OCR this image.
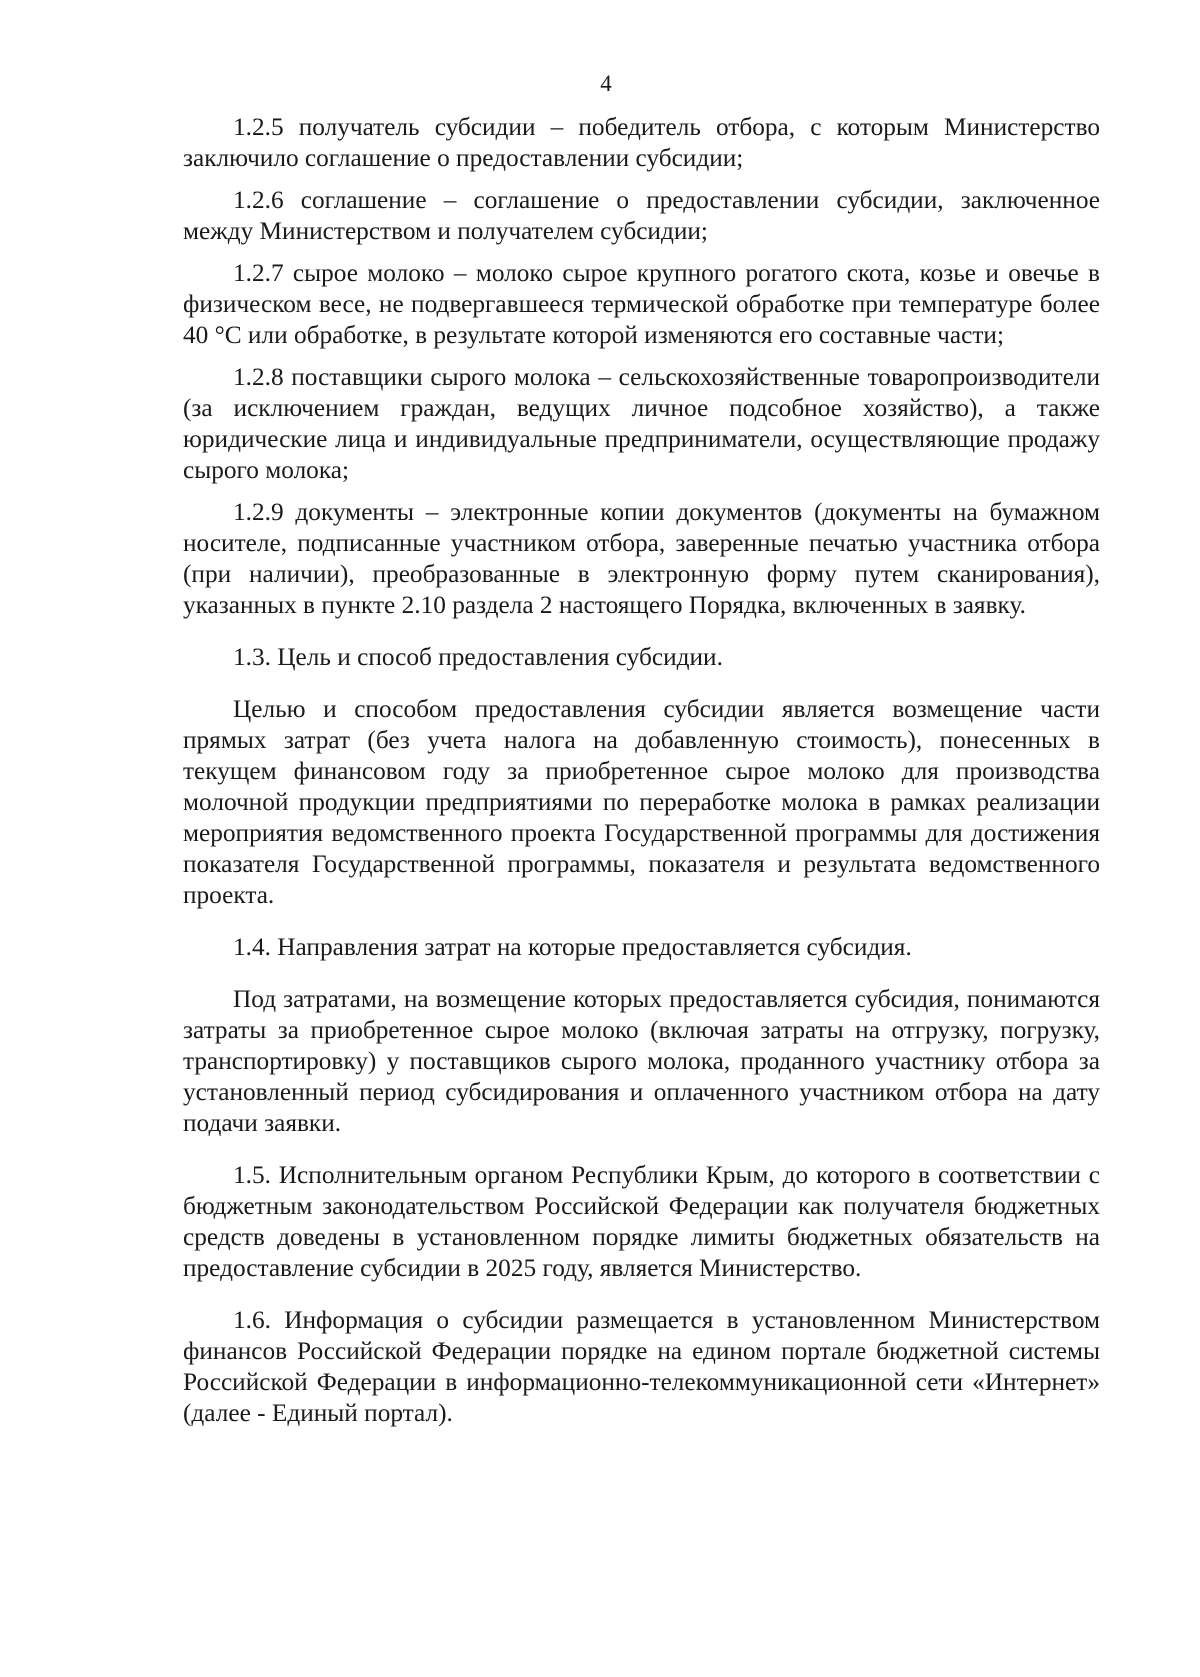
4

1.2.5 получатель субсидии – победитель отбора, с которым Министерство заключило соглашение о предоставлении субсидии;

1.2.6 соглашение – соглашение о предоставлении субсидии, заключенное между Министерством и получателем субсидии;

1.2.7 сырое молоко – молоко сырое крупного рогатого скота, козье и овечье в физическом весе, не подвергавшееся термической обработке при температуре более 40 °С или обработке, в результате которой изменяются его составные части;

1.2.8 поставщики сырого молока – сельскохозяйственные товаропроизводители (за исключением граждан, ведущих личное подсобное хозяйство), а также юридические лица и индивидуальные предприниматели, осуществляющие продажу сырого молока;

1.2.9 документы – электронные копии документов (документы на бумажном носителе, подписанные участником отбора, заверенные печатью участника отбора (при наличии), преобразованные в электронную форму путем сканирования), указанных в пункте 2.10 раздела 2 настоящего Порядка, включенных в заявку.

1.3. Цель и способ предоставления субсидии.

Целью и способом предоставления субсидии является возмещение части прямых затрат (без учета налога на добавленную стоимость), понесенных в текущем финансовом году за приобретенное сырое молоко для производства молочной продукции предприятиями по переработке молока в рамках реализации мероприятия ведомственного проекта Государственной программы для достижения показателя Государственной программы, показателя и результата ведомственного проекта.

1.4. Направления затрат на которые предоставляется субсидия.

Под затратами, на возмещение которых предоставляется субсидия, понимаются затраты за приобретенное сырое молоко (включая затраты на отгрузку, погрузку, транспортировку) у поставщиков сырого молока, проданного участнику отбора за установленный период субсидирования и оплаченного участником отбора на дату подачи заявки.

1.5. Исполнительным органом Республики Крым, до которого в соответствии с бюджетным законодательством Российской Федерации как получателя бюджетных средств доведены в установленном порядке лимиты бюджетных обязательств на предоставление субсидии в 2025 году, является Министерство.

1.6. Информация о субсидии размещается в установленном Министерством финансов Российской Федерации порядке на едином портале бюджетной системы Российской Федерации в информационно-телекоммуникационной сети «Интернет» (далее - Единый портал).
